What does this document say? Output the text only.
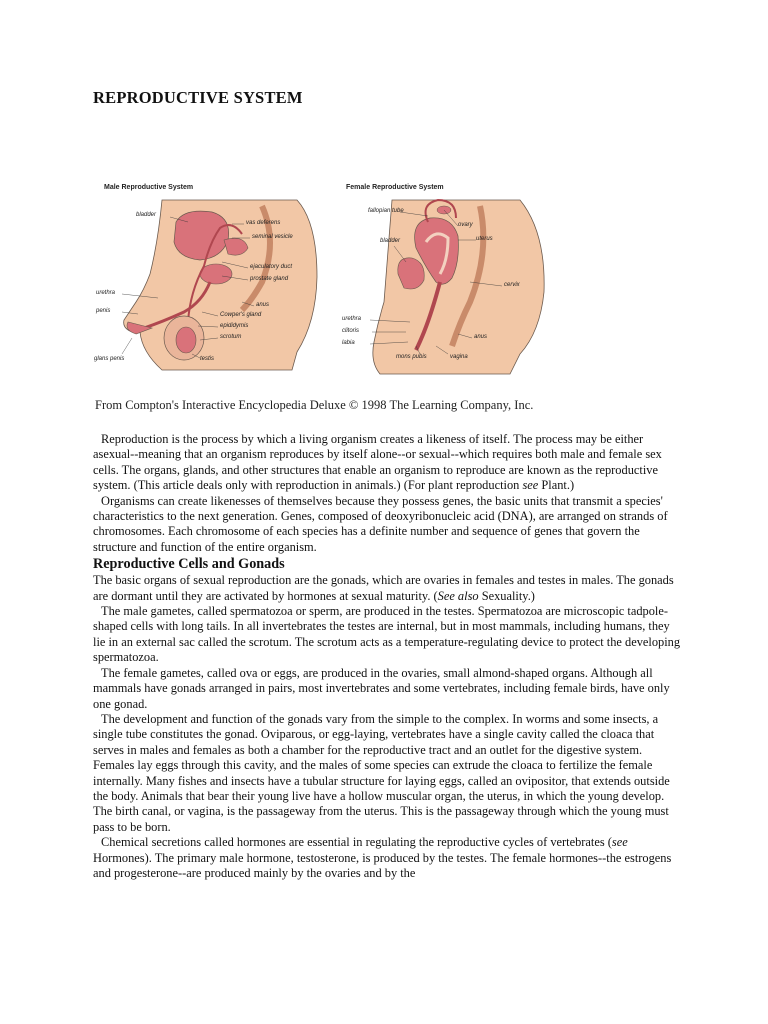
REPRODUCTIVE SYSTEM
Male Reproductive System
bladder
vas deferens
seminal vesicle
ejaculatory duct
prostate gland
urethra
penis
anus
Cowper's gland
epididymis
scrotum
glans penis	testis
Female Reproductive System
fallopian tube
ovary
bladder	uterus
cervix
urethra
clitoris
labia
anus
mons pubis	vagina
From Compton's Interactive Encyclopedia Deluxe © 1998 The Learning Company, Inc.

Reproduction is the process by which a living organism creates a likeness of itself. The process may be either asexual--meaning that an organism reproduces by itself alone--or sexual--which requires both male and female sex cells. The organs, glands, and other structures that enable an organism to reproduce are known as the reproductive system. (This article deals only with reproduction in animals.) (For plant reproduction see Plant.)

Organisms can create likenesses of themselves because they possess genes, the basic units that transmit a species' characteristics to the next generation. Genes, composed of deoxyribonucleic acid (DNA), are arranged on strands of chromosomes. Each chromosome of each species has a definite number and sequence of genes that govern the structure and function of the entire organism.

Reproductive Cells and Gonads

The basic organs of sexual reproduction are the gonads, which are ovaries in females and testes in males. The gonads are dormant until they are activated by hormones at sexual maturity. (See also Sexuality.)

The male gametes, called spermatozoa or sperm, are produced in the testes. Spermatozoa are microscopic tadpole-shaped cells with long tails. In all invertebrates the testes are internal, but in most mammals, including humans, they lie in an external sac called the scrotum. The scrotum acts as a temperature-regulating device to protect the developing spermatozoa.

The female gametes, called ova or eggs, are produced in the ovaries, small almond-shaped organs. Although all mammals have gonads arranged in pairs, most invertebrates and some vertebrates, including female birds, have only one gonad.

The development and function of the gonads vary from the simple to the complex. In worms and some insects, a single tube constitutes the gonad. Oviparous, or egg-laying, vertebrates have a single cavity called the cloaca that serves in males and females as both a chamber for the reproductive tract and an outlet for the digestive system. Females lay eggs through this cavity, and the males of some species can extrude the cloaca to fertilize the female internally. Many fishes and insects have a tubular structure for laying eggs, called an ovipositor, that extends outside the body. Animals that bear their young live have a hollow muscular organ, the uterus, in which the young develop. The birth canal, or vagina, is the passageway from the uterus. This is the passageway through which the young must pass to be born.

Chemical secretions called hormones are essential in regulating the reproductive cycles of vertebrates (see Hormones). The primary male hormone, testosterone, is produced by the testes. The female hormones--the estrogens and progesterone--are produced mainly by the ovaries and by the
